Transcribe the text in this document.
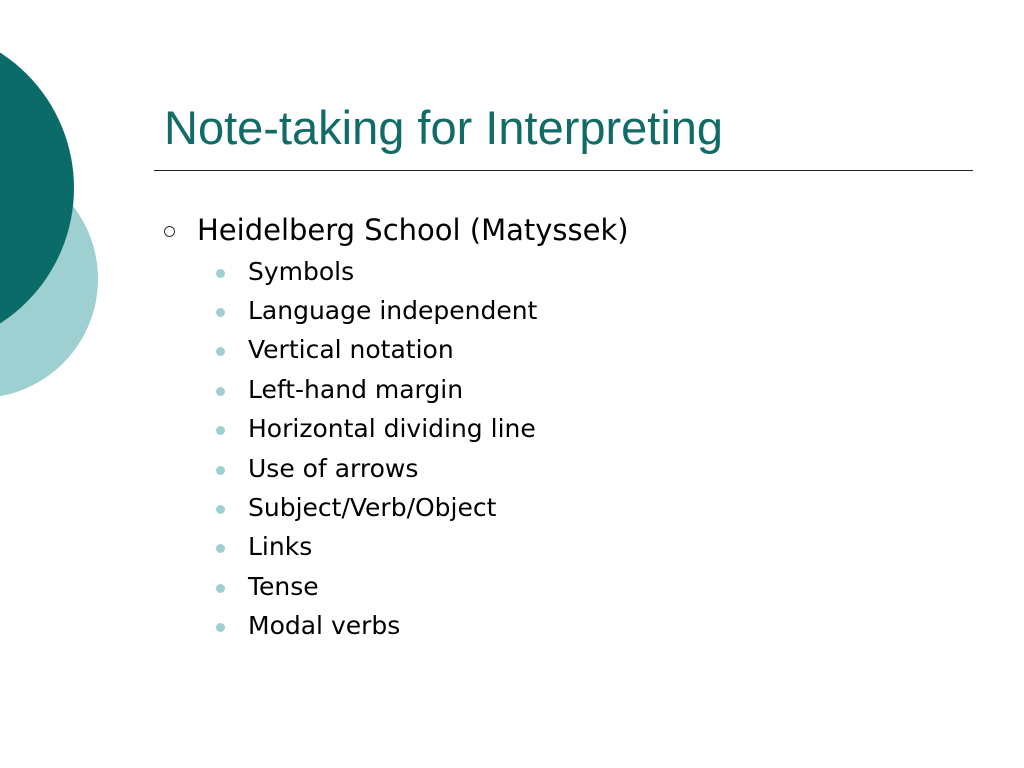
Note-taking for Interpreting
Heidelberg School (Matyssek)
Symbols
Language independent
Vertical notation
Left-hand margin
Horizontal dividing line
Use of arrows
Subject/Verb/Object
Links
Tense
Modal verbs
